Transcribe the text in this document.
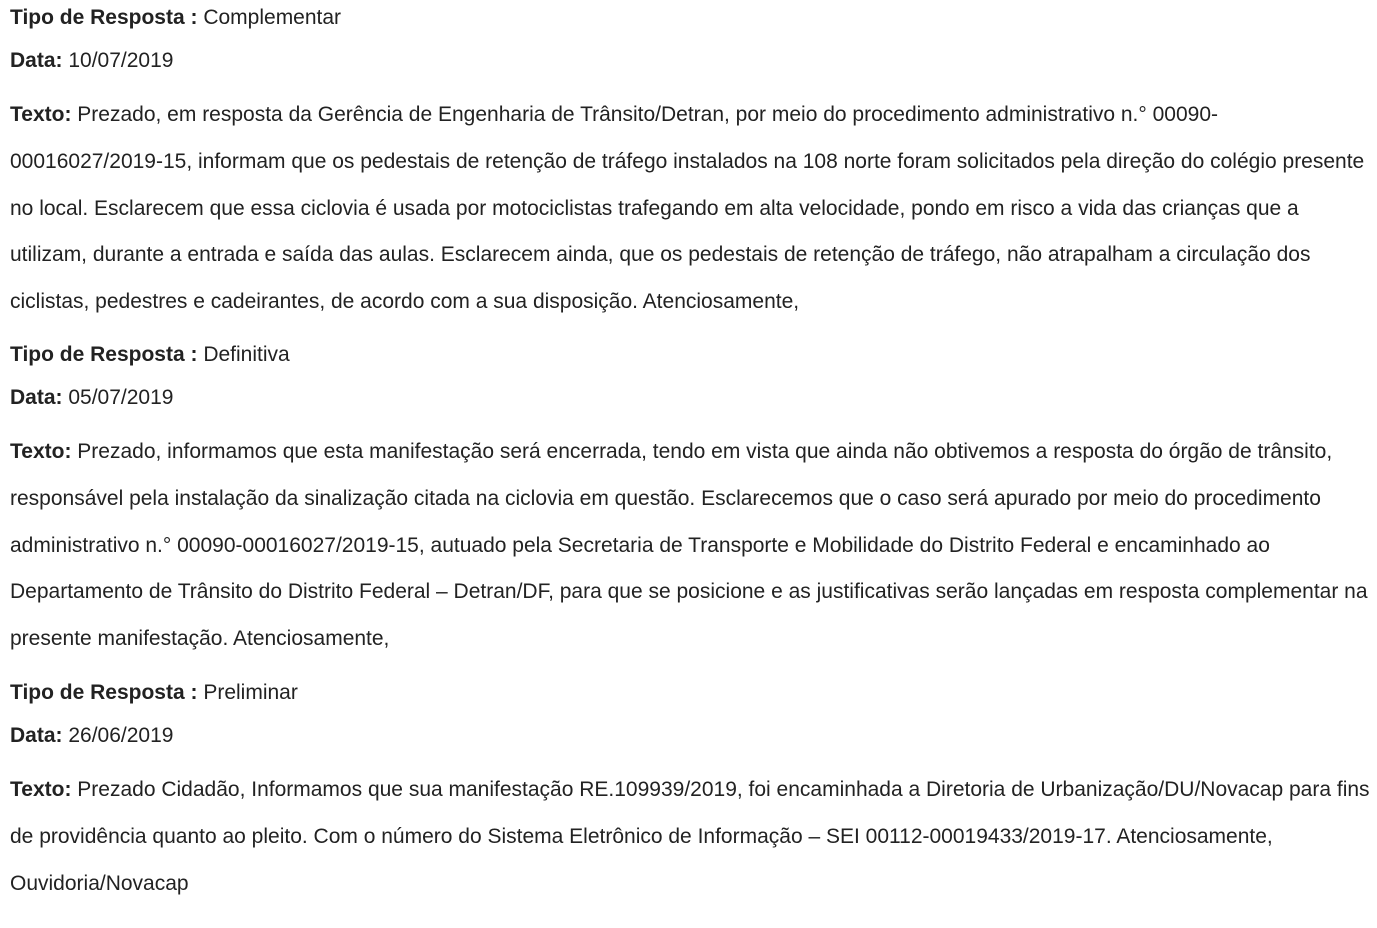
Tipo de Resposta : Complementar

Data: 10/07/2019

Texto: Prezado, em resposta da Gerência de Engenharia de Trânsito/Detran, por meio do procedimento administrativo n.° 00090-00016027/2019-15, informam que os pedestais de retenção de tráfego instalados na 108 norte foram solicitados pela direção do colégio presente no local. Esclarecem que essa ciclovia é usada por motociclistas trafegando em alta velocidade, pondo em risco a vida das crianças que a utilizam, durante a entrada e saída das aulas. Esclarecem ainda, que os pedestais de retenção de tráfego, não atrapalham a circulação dos ciclistas, pedestres e cadeirantes, de acordo com a sua disposição. Atenciosamente,

Tipo de Resposta : Definitiva

Data: 05/07/2019

Texto: Prezado, informamos que esta manifestação será encerrada, tendo em vista que ainda não obtivemos a resposta do órgão de trânsito, responsável pela instalação da sinalização citada na ciclovia em questão. Esclarecemos que o caso será apurado por meio do procedimento administrativo n.° 00090-00016027/2019-15, autuado pela Secretaria de Transporte e Mobilidade do Distrito Federal e encaminhado ao Departamento de Trânsito do Distrito Federal – Detran/DF, para que se posicione e as justificativas serão lançadas em resposta complementar na presente manifestação. Atenciosamente,

Tipo de Resposta : Preliminar

Data: 26/06/2019

Texto: Prezado Cidadão, Informamos que sua manifestação RE.109939/2019, foi encaminhada a Diretoria de Urbanização/DU/Novacap para fins de providência quanto ao pleito. Com o número do Sistema Eletrônico de Informação – SEI 00112-00019433/2019-17. Atenciosamente, Ouvidoria/Novacap
